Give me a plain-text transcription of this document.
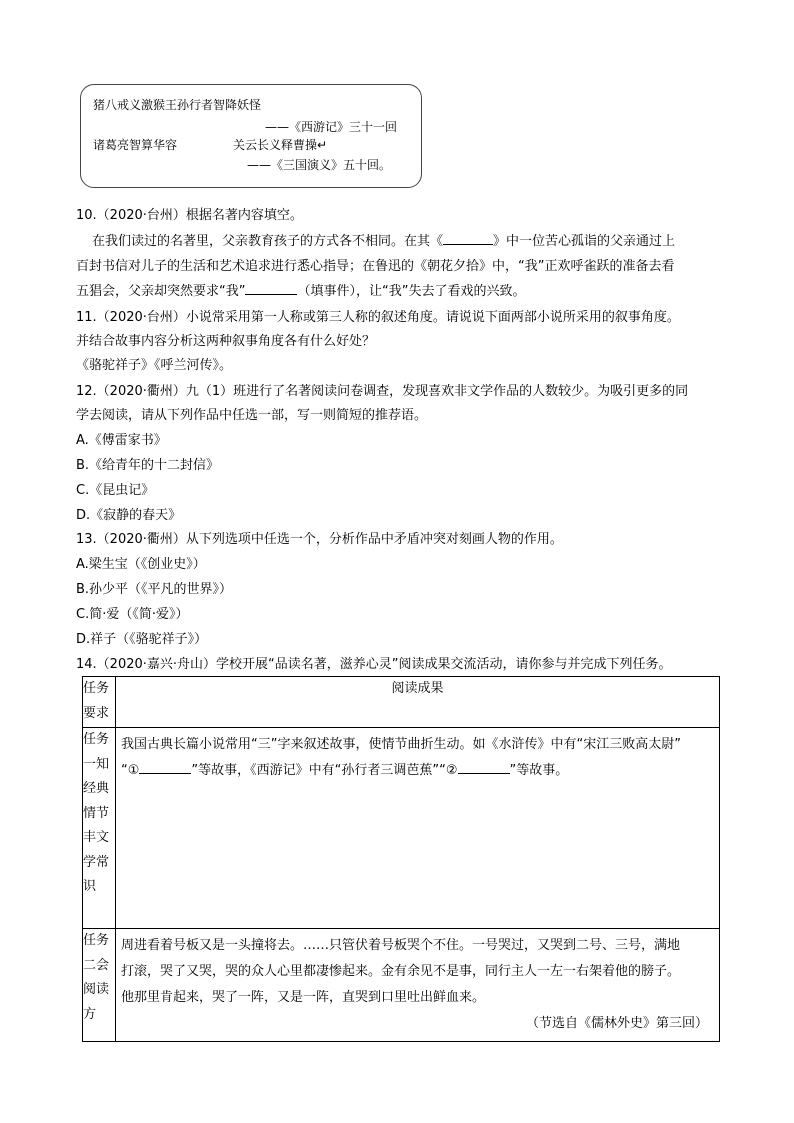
猪八戒义激猴王孙行者智降妖怪
——《西游记》三十一回
诸葛亮智算华容	关云长义释曹操↵
——《三国演义》五十回。
10.（2020·台州）根据名著内容填空。
在我们读过的名著里，父亲教育孩子的方式各不相同。在其《	》中一位苦心孤诣的父亲通过上
百封书信对儿子的生活和艺术追求进行悉心指导；在鲁迅的《朝花夕拾》中，“我”正欢呼雀跃的准备去看
五猖会，父亲却突然要求“我”	（填事件），让“我”失去了看戏的兴致。
11.（2020·台州）小说常采用第一人称或第三人称的叙述角度。请说说下面两部小说所采用的叙事角度。
并结合故事内容分析这两种叙事角度各有什么好处？
《骆驼祥子》《呼兰河传》。
12.（2020·衢州）九（1）班进行了名著阅读问卷调查，发现喜欢非文学作品的人数较少。为吸引更多的同
学去阅读，请从下列作品中任选一部，写一则简短的推荐语。
A.《傅雷家书》
B.《给青年的十二封信》
C.《昆虫记》
D.《寂静的春天》
13.（2020·衢州）从下列选项中任选一个，分析作品中矛盾冲突对刻画人物的作用。
A.梁生宝（《创业史》）
B.孙少平（《平凡的世界》）
C.简·爱（《简·爱》）
D.祥子（《骆驼祥子》）
14.（2020·嘉兴·舟山）学校开展“品读名著，滋养心灵”阅读成果交流活动，请你参与并完成下列任务。
任务要求	阅读成果
任务一知经典情节丰文学常识	我国古典长篇小说常用“三”字来叙述故事，使情节曲折生动。如《水浒传》中有“宋江三败高太尉”
“① ”等故事，《西游记》中有“孙行者三调芭蕉”“② ”等故事。

任务二会阅读方	周进看着号板又是一头撞将去。……只管伏着号板哭个不住。一号哭过，又哭到二号、三号，满地
打滚，哭了又哭，哭的众人心里都凄惨起来。金有余见不是事，同行主人一左一右架着他的膀子。
他那里肯起来，哭了一阵，又是一阵，直哭到口里吐出鲜血来。
（节选自《儒林外史》第三回）
